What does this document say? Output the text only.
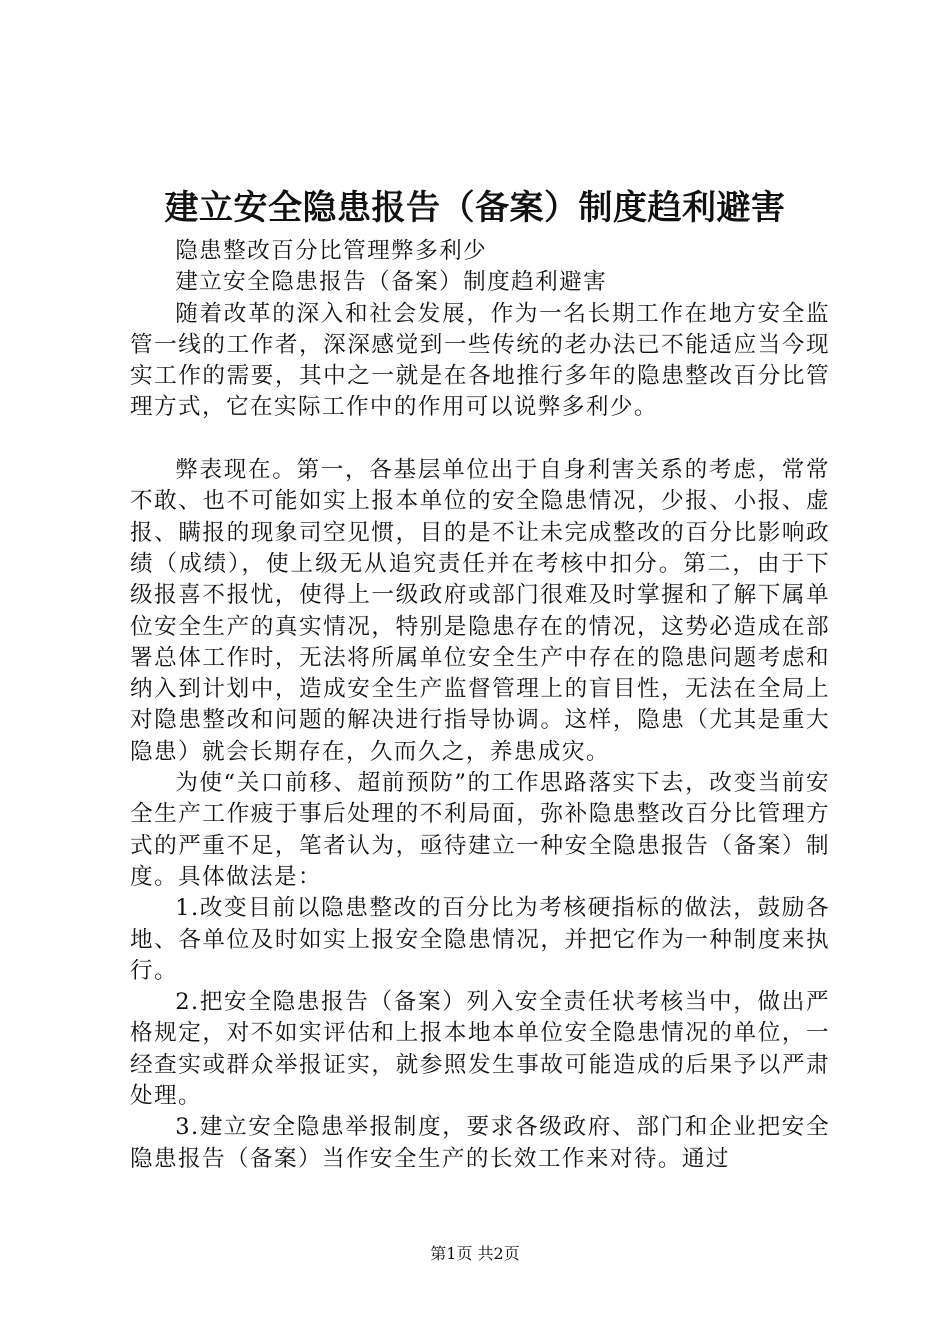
建立安全隐患报告（备案）制度趋利避害

隐患整改百分比管理弊多利少

建立安全隐患报告（备案）制度趋利避害

随着改革的深入和社会发展，作为一名长期工作在地方安全监管一线的工作者，深深感觉到一些传统的老办法已不能适应当今现实工作的需要，其中之一就是在各地推行多年的隐患整改百分比管理方式，它在实际工作中的作用可以说弊多利少。

弊表现在。第一，各基层单位出于自身利害关系的考虑，常常不敢、也不可能如实上报本单位的安全隐患情况，少报、小报、虚报、瞒报的现象司空见惯，目的是不让未完成整改的百分比影响政绩（成绩），使上级无从追究责任并在考核中扣分。第二，由于下级报喜不报忧，使得上一级政府或部门很难及时掌握和了解下属单位安全生产的真实情况，特别是隐患存在的情况，这势必造成在部署总体工作时，无法将所属单位安全生产中存在的隐患问题考虑和纳入到计划中，造成安全生产监督管理上的盲目性，无法在全局上对隐患整改和问题的解决进行指导协调。这样，隐患（尤其是重大隐患）就会长期存在，久而久之，养患成灾。

为使“关口前移、超前预防”的工作思路落实下去，改变当前安全生产工作疲于事后处理的不利局面，弥补隐患整改百分比管理方式的严重不足，笔者认为，亟待建立一种安全隐患报告（备案）制度。具体做法是：

1.改变目前以隐患整改的百分比为考核硬指标的做法，鼓励各地、各单位及时如实上报安全隐患情况，并把它作为一种制度来执行。

2.把安全隐患报告（备案）列入安全责任状考核当中，做出严格规定，对不如实评估和上报本地本单位安全隐患情况的单位，一经查实或群众举报证实，就参照发生事故可能造成的后果予以严肃处理。

3.建立安全隐患举报制度，要求各级政府、部门和企业把安全隐患报告（备案）当作安全生产的长效工作来对待。通过

第1页 共2页
